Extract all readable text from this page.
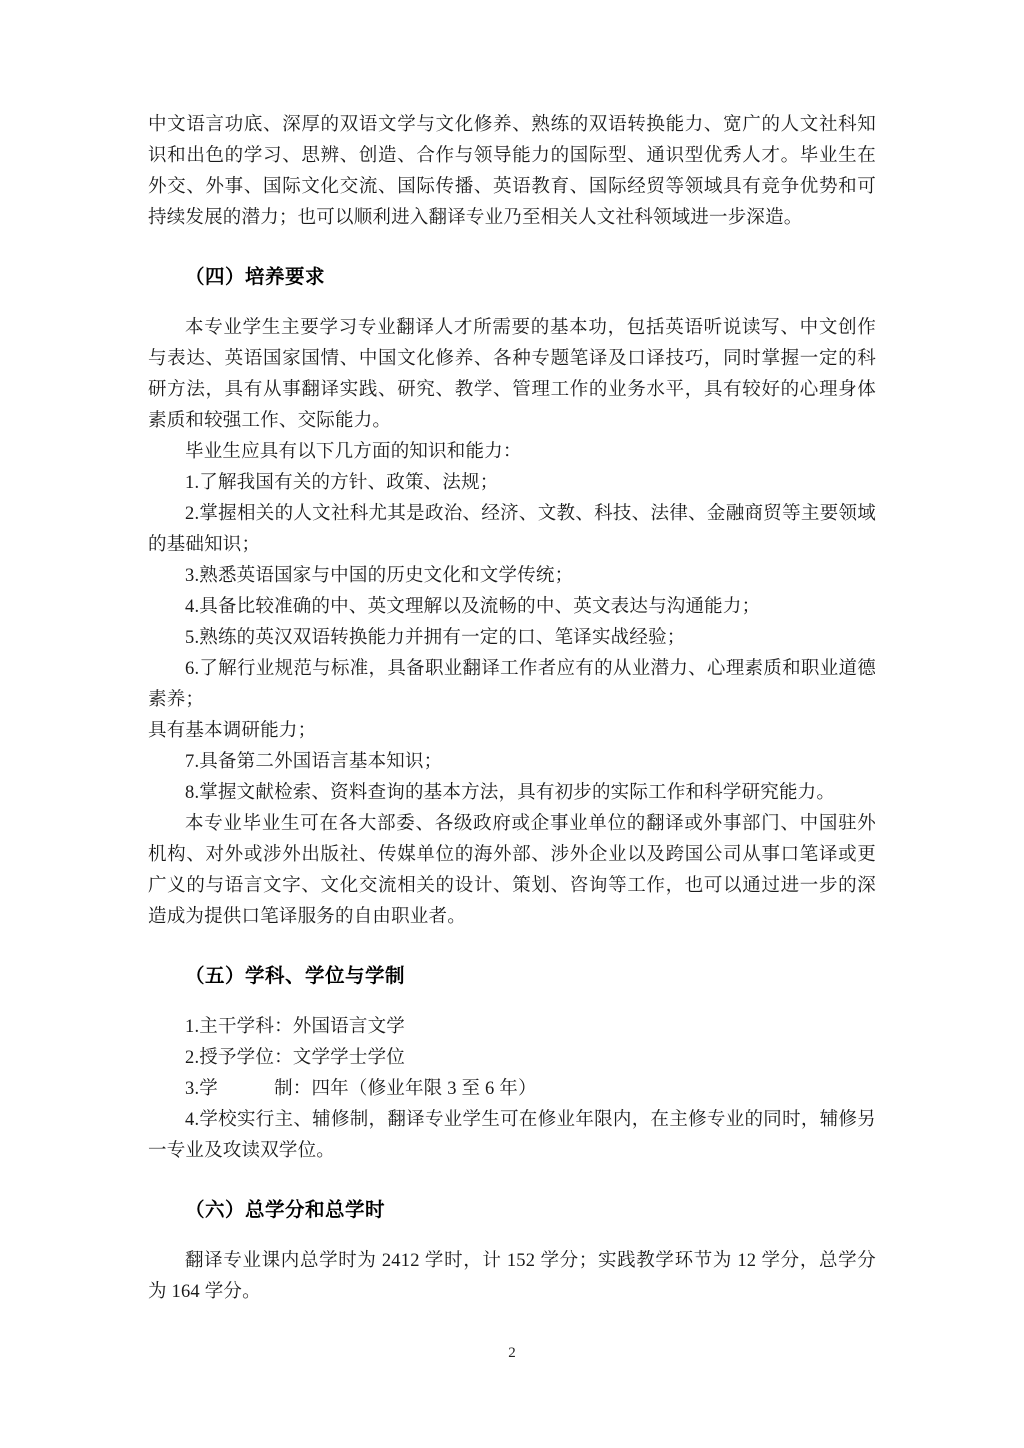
中文语言功底、深厚的双语文学与文化修养、熟练的双语转换能力、宽广的人文社科知识和出色的学习、思辨、创造、合作与领导能力的国际型、通识型优秀人才。毕业生在外交、外事、国际文化交流、国际传播、英语教育、国际经贸等领域具有竞争优势和可持续发展的潜力；也可以顺利进入翻译专业乃至相关人文社科领域进一步深造。

（四）培养要求

本专业学生主要学习专业翻译人才所需要的基本功，包括英语听说读写、中文创作与表达、英语国家国情、中国文化修养、各种专题笔译及口译技巧，同时掌握一定的科研方法，具有从事翻译实践、研究、教学、管理工作的业务水平，具有较好的心理身体素质和较强工作、交际能力。

毕业生应具有以下几方面的知识和能力：

1.了解我国有关的方针、政策、法规；

2.掌握相关的人文社科尤其是政治、经济、文教、科技、法律、金融商贸等主要领域的基础知识；

3.熟悉英语国家与中国的历史文化和文学传统；

4.具备比较准确的中、英文理解以及流畅的中、英文表达与沟通能力；

5.熟练的英汉双语转换能力并拥有一定的口、笔译实战经验；

6.了解行业规范与标准，具备职业翻译工作者应有的从业潜力、心理素质和职业道德素养；

具有基本调研能力；

7.具备第二外国语言基本知识；

8.掌握文献检索、资料查询的基本方法，具有初步的实际工作和科学研究能力。

本专业毕业生可在各大部委、各级政府或企事业单位的翻译或外事部门、中国驻外机构、对外或涉外出版社、传媒单位的海外部、涉外企业以及跨国公司从事口笔译或更广义的与语言文字、文化交流相关的设计、策划、咨询等工作，也可以通过进一步的深造成为提供口笔译服务的自由职业者。

（五）学科、学位与学制

1.主干学科：外国语言文学

2.授予学位：文学学士学位

3.学　　　制：四年（修业年限 3 至 6 年）

4.学校实行主、辅修制，翻译专业学生可在修业年限内，在主修专业的同时，辅修另一专业及攻读双学位。

（六）总学分和总学时

翻译专业课内总学时为 2412 学时，计 152 学分；实践教学环节为 12 学分，总学分为 164 学分。

2
